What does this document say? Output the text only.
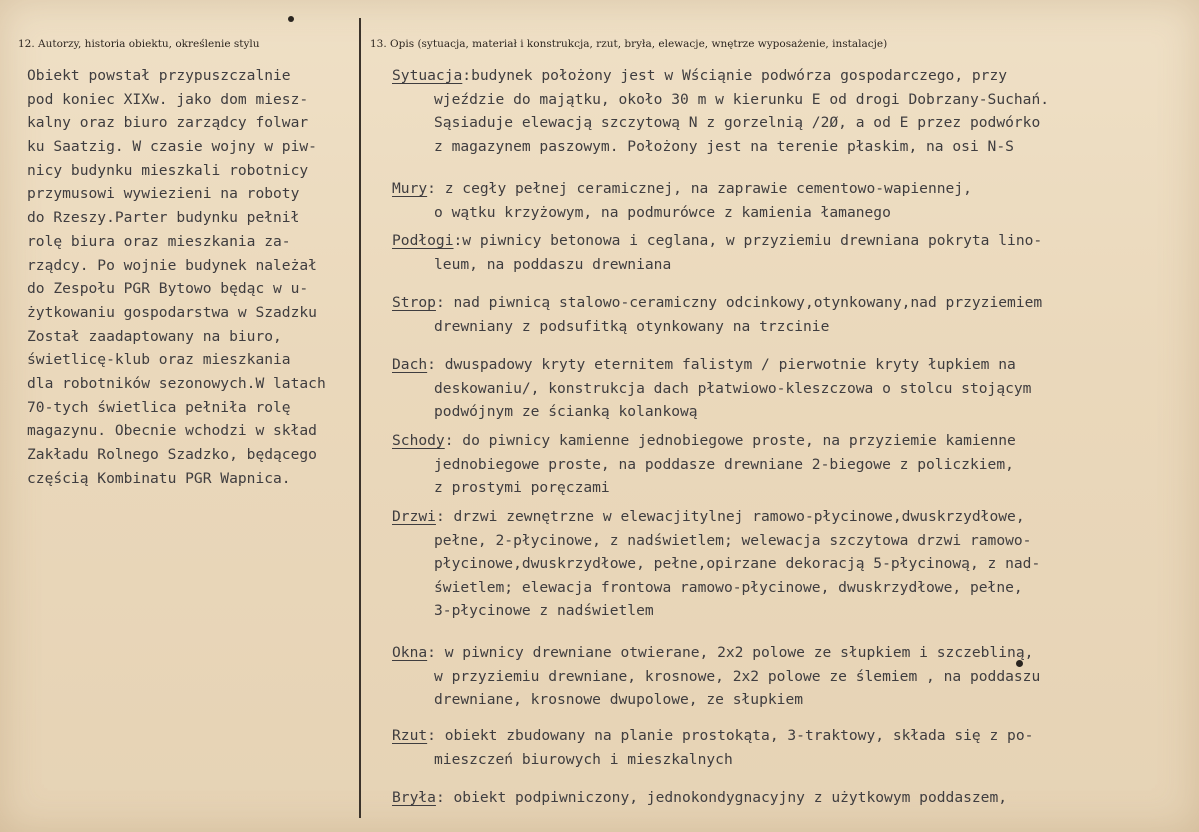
12. Autorzy, historia obiektu, określenie stylu	13. Opis (sytuacja, materiał i konstrukcja, rzut, bryła, elewacje, wnętrze wyposażenie, instalacje)
Obiekt powstał przypuszczalnie
pod koniec XIXw. jako dom miesz-
kalny oraz biuro zarządcy folwar
ku Saatzig. W czasie wojny w piw-
nicy budynku mieszkali robotnicy
przymusowi wywiezieni na roboty
do Rzeszy.Parter budynku pełnił
rolę biura oraz mieszkania za-
rządcy. Po wojnie budynek należał
do Zespołu PGR Bytowo będąc w u-
żytkowaniu gospodarstwa w Szadzku
Został zaadaptowany na biuro,
świetlicę-klub oraz mieszkania
dla robotników sezonowych.W latach
70-tych świetlica pełniła rolę
magazynu. Obecnie wchodzi w skład
Zakładu Rolnego Szadzko, będącego
częścią Kombinatu PGR Wapnica.
Sytuacja:budynek położony jest w Wściąnie podwórza gospodarczego, przy
wjeździe do majątku, około 30 m w kierunku E od drogi Dobrzany-Suchań.
Sąsiaduje elewacją szczytową N z gorzelnią /2Ø, a od E przez podwórko
z magazynem paszowym. Położony jest na terenie płaskim, na osi N-S
Mury: z cegły pełnej ceramicznej, na zaprawie cementowo-wapiennej,
o wątku krzyżowym, na podmurówce z kamienia łamanego
Podłogi:w piwnicy betonowa i ceglana, w przyziemiu drewniana pokryta lino-
leum, na poddaszu drewniana
Strop: nad piwnicą stalowo-ceramiczny odcinkowy,otynkowany,nad przyziemiem
drewniany z podsufitką otynkowany na trzcinie
Dach: dwuspadowy kryty eternitem falistym / pierwotnie kryty łupkiem na
deskowaniu/, konstrukcja dach płatwiowo-kleszczowa o stolcu stojącym
podwójnym ze ścianką kolankową
Schody: do piwnicy kamienne jednobiegowe proste, na przyziemie kamienne
jednobiegowe proste, na poddasze drewniane 2-biegowe z policzkiem,
z prostymi poręczami
Drzwi: drzwi zewnętrzne w elewacjitylnej ramowo-płycinowe,dwuskrzydłowe,
pełne, 2-płycinowe, z nadświetlem; welewacja szczytowa drzwi ramowo-
płycinowe,dwuskrzydłowe, pełne,opirzane dekoracją 5-płycinową, z nad-
świetlem; elewacja frontowa ramowo-płycinowe, dwuskrzydłowe, pełne,
3-płycinowe z nadświetlem
Okna: w piwnicy drewniane otwierane, 2x2 polowe ze słupkiem i szczebliną,
w przyziemiu drewniane, krosnowe, 2x2 polowe ze ślemiem , na poddaszu
drewniane, krosnowe dwupolowe, ze słupkiem
Rzut: obiekt zbudowany na planie prostokąta, 3-traktowy, składa się z po-
mieszczeń biurowych i mieszkalnych
Bryła: obiekt podpiwniczony, jednokondygnacyjny z użytkowym poddaszem,
